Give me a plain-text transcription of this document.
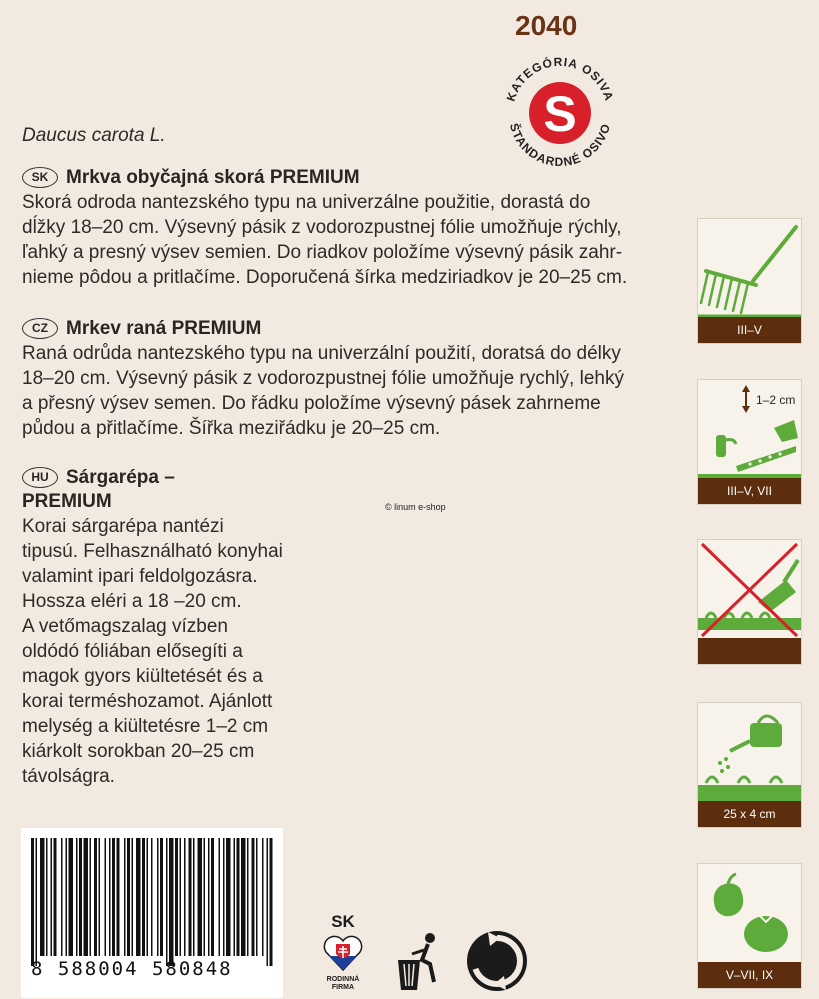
2040
KATEGÓRIA OSIVA
S
ŠTANDARDNÉ OSIVO
Daucus carota L.
SK Mrkva obyčajná skorá PREMIUM
Skorá odroda nantezského typu na univerzálne použitie, dorastá do
dĺžky 18–20 cm. Výsevný pásik z vodorozpustnej fólie umožňuje rýchly,
ľahký a presný výsev semien. Do riadkov položíme výsevný pásik zahr-
nieme pôdou a pritlačíme. Doporučená šírka medziriadkov je 20–25 cm.
CZ Mrkev raná PREMIUM
Raná odrůda nantezského typu na univerzální použití, doratsá do délky
18–20 cm. Výsevný pásik z vodorozpustnej fólie umožňuje rychlý, lehký
a přesný výsev semen. Do řádku položíme výsevný pásek zahrneme
půdou a přitlačíme. Šířka meziřádku je 20–25 cm.
HU Sárgarépa –
PREMIUM
Korai sárgarépa nantézi
tipusú. Felhasználható konyhai
valamint ipari feldolgozásra.
Hossza eléri a 18 –20 cm.
A vetőmagszalag vízben
oldódó fóliában elősegíti a
magok gyors kiültetését és a
korai terméshozamot. Ajánlott
melység a kiültetésre 1–2 cm
kiárkolt sorokban 20–25 cm
távolságra.
© linum e-shop
III–V
1–2 cm
III–V, VII
25 x 4 cm
V–VII, IX
8 588004 580848
SK
RODINNÁ
FIRMA
